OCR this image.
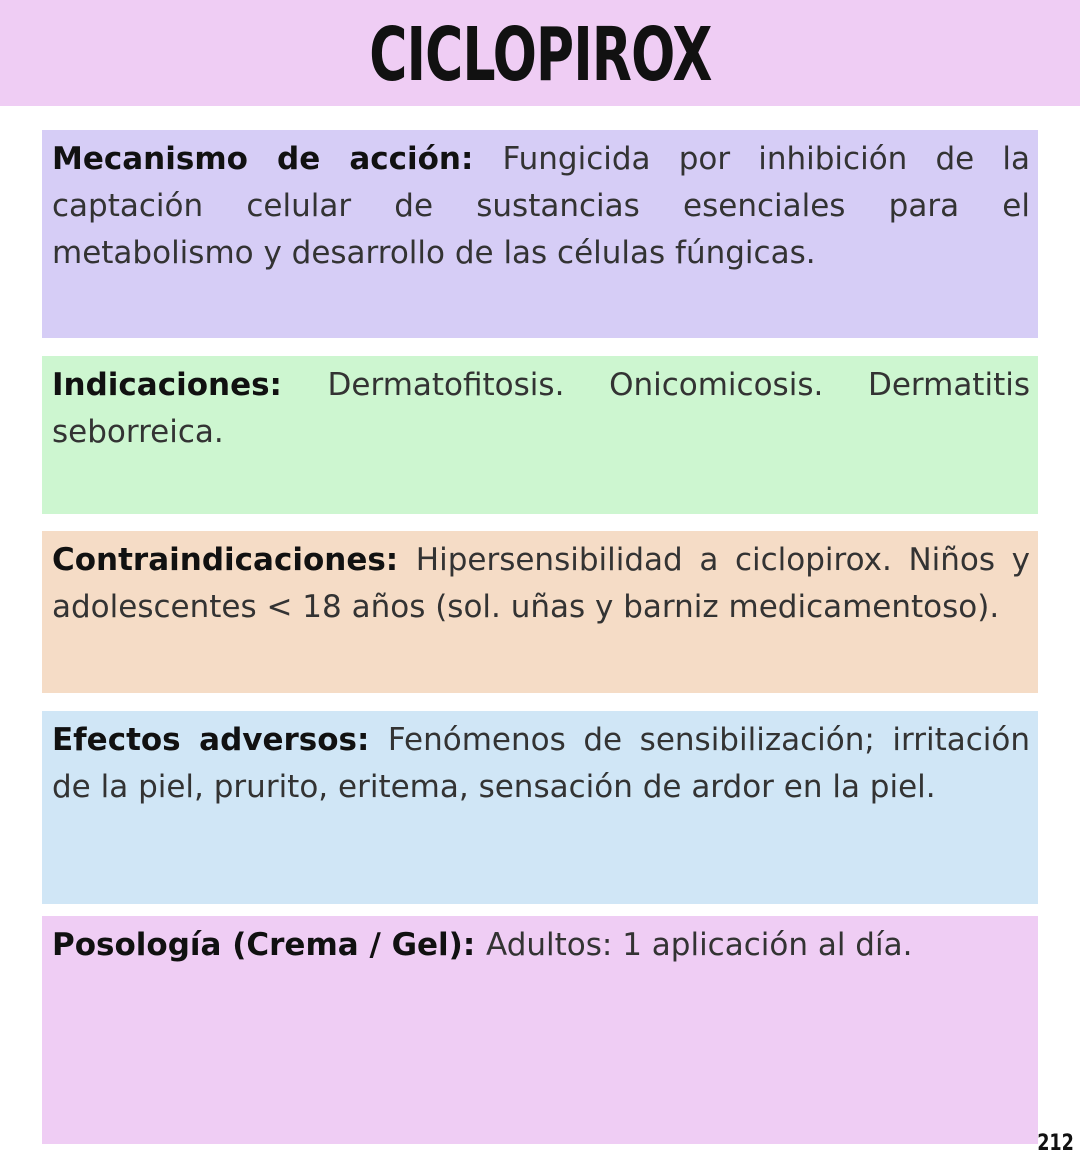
CICLOPIROX
Mecanismo de acción: Fungicida por inhibición de la captación celular de sustancias esenciales para el metabolismo y desarrollo de las células fúngicas.
Indicaciones: Dermatofitosis. Onicomicosis. Dermatitis seborreica.
Contraindicaciones: Hipersensibilidad a ciclopirox. Niños y adolescentes < 18 años (sol. uñas y barniz medicamentoso).
Efectos adversos: Fenómenos de sensibilización; irritación de la piel, prurito, eritema, sensación de ardor en la piel.
Posología (Crema / Gel): Adultos: 1 aplicación al día.
212
